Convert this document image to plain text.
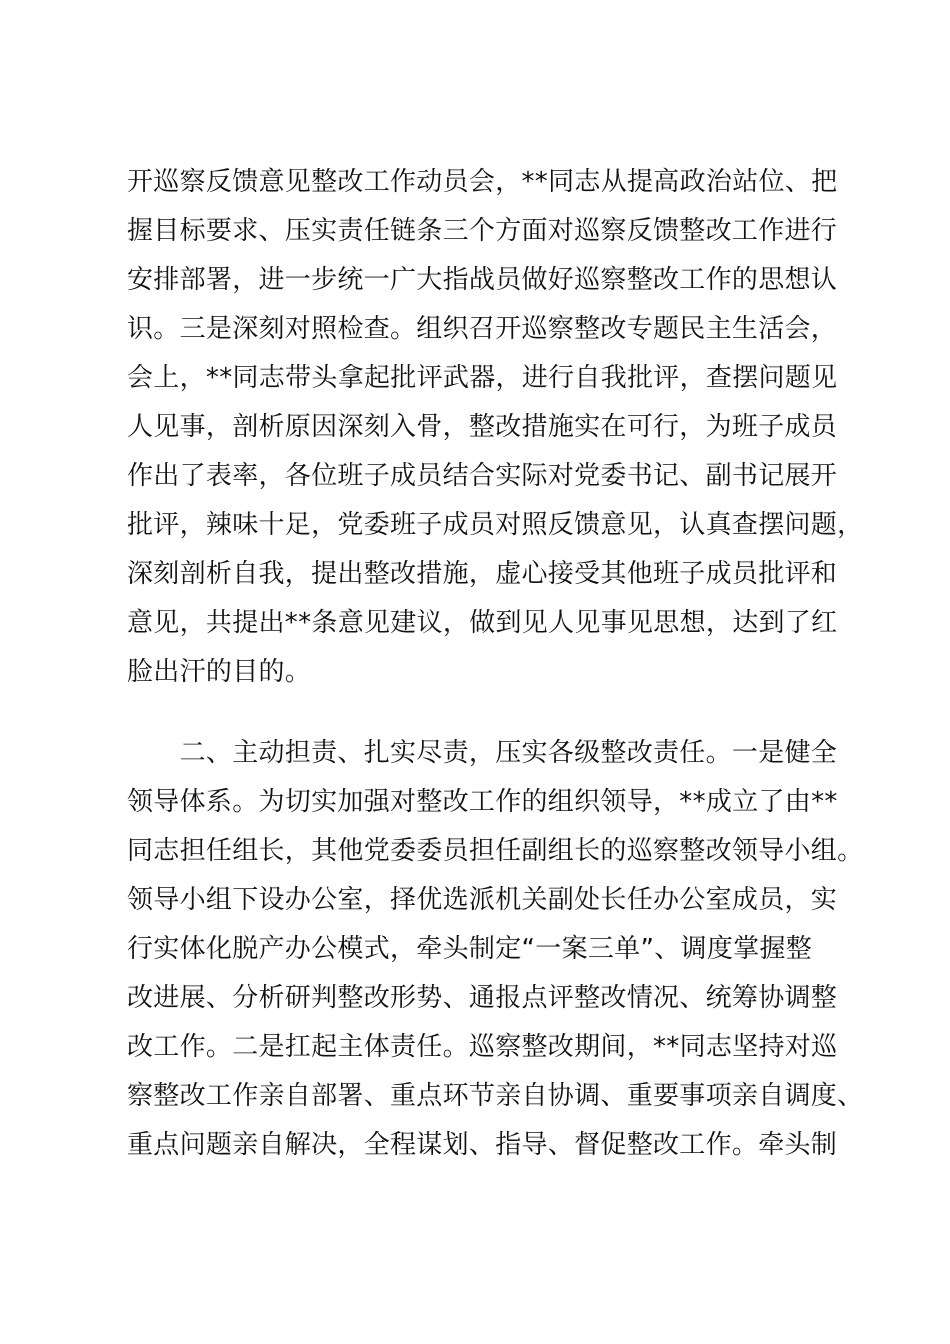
开巡察反馈意见整改工作动员会，**同志从提高政治站位、把
握目标要求、压实责任链条三个方面对巡察反馈整改工作进行
安排部署，进一步统一广大指战员做好巡察整改工作的思想认
识。三是深刻对照检查。组织召开巡察整改专题民主生活会，
会上，**同志带头拿起批评武器，进行自我批评，查摆问题见
人见事，剖析原因深刻入骨，整改措施实在可行，为班子成员
作出了表率，各位班子成员结合实际对党委书记、副书记展开
批评，辣味十足，党委班子成员对照反馈意见，认真查摆问题，
深刻剖析自我，提出整改措施，虚心接受其他班子成员批评和
意见，共提出**条意见建议，做到见人见事见思想，达到了红
脸出汗的目的。
　　二、主动担责、扎实尽责，压实各级整改责任。一是健全
领导体系。为切实加强对整改工作的组织领导，**成立了由**
同志担任组长，其他党委委员担任副组长的巡察整改领导小组。
领导小组下设办公室，择优选派机关副处长任办公室成员，实
行实体化脱产办公模式，牵头制定“一案三单”、调度掌握整
改进展、分析研判整改形势、通报点评整改情况、统筹协调整
改工作。二是扛起主体责任。巡察整改期间，**同志坚持对巡
察整改工作亲自部署、重点环节亲自协调、重要事项亲自调度、
重点问题亲自解决，全程谋划、指导、督促整改工作。牵头制
